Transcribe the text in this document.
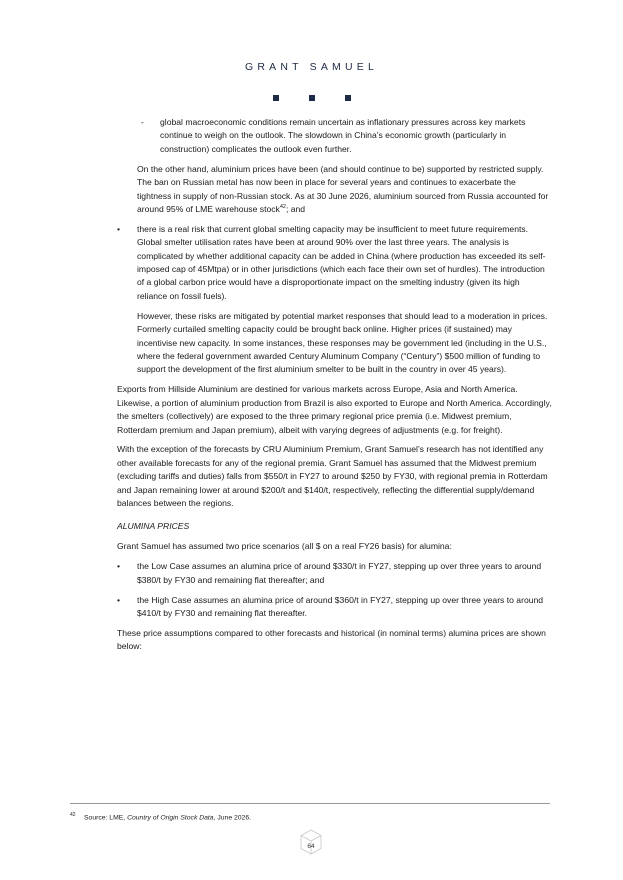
GRANT SAMUEL
- global macroeconomic conditions remain uncertain as inflationary pressures across key markets continue to weigh on the outlook. The slowdown in China’s economic growth (particularly in construction) complicates the outlook even further.

On the other hand, aluminium prices have been (and should continue to be) supported by restricted supply. The ban on Russian metal has now been in place for several years and continues to exacerbate the tightness in supply of non-Russian stock. As at 30 June 2026, aluminium sourced from Russia accounted for around 95% of LME warehouse stock$^{42}$; and

• there is a real risk that current global smelting capacity may be insufficient to meet future requirements. Global smelter utilisation rates have been at around 90% over the last three years. The analysis is complicated by whether additional capacity can be added in China (where production has exceeded its self-imposed cap of 45Mtpa) or in other jurisdictions (which each face their own set of hurdles). The introduction of a global carbon price would have a disproportionate impact on the smelting industry (given its high reliance on fossil fuels).

However, these risks are mitigated by potential market responses that should lead to a moderation in prices. Formerly curtailed smelting capacity could be brought back online. Higher prices (if sustained) may incentivise new capacity. In some instances, these responses may be government led (including in the U.S., where the federal government awarded Century Aluminum Company (“Century”) $500 million of funding to support the development of the first aluminium smelter to be built in the country in over 45 years).

Exports from Hillside Aluminium are destined for various markets across Europe, Asia and North America. Likewise, a portion of aluminium production from Brazil is also exported to Europe and North America. Accordingly, the smelters (collectively) are exposed to the three primary regional price premia (i.e. Midwest premium, Rotterdam premium and Japan premium), albeit with varying degrees of adjustments (e.g. for freight).

With the exception of the forecasts by CRU Aluminium Premium, Grant Samuel’s research has not identified any other available forecasts for any of the regional premia. Grant Samuel has assumed that the Midwest premium (excluding tariffs and duties) falls from $550/t in FY27 to around $250 by FY30, with regional premia in Rotterdam and Japan remaining lower at around $200/t and $140/t, respectively, reflecting the differential supply/demand balances between the regions.

ALUMINA PRICES

Grant Samuel has assumed two price scenarios (all $ on a real FY26 basis) for alumina:

• the Low Case assumes an alumina price of around $330/t in FY27, stepping up over three years to around $380/t by FY30 and remaining flat thereafter; and
• the High Case assumes an alumina price of around $360/t in FY27, stepping up over three years to around $410/t by FY30 and remaining flat thereafter.

These price assumptions compared to other forecasts and historical (in nominal terms) alumina prices are shown below:

42 Source: LME, Country of Origin Stock Data, June 2026.
64
